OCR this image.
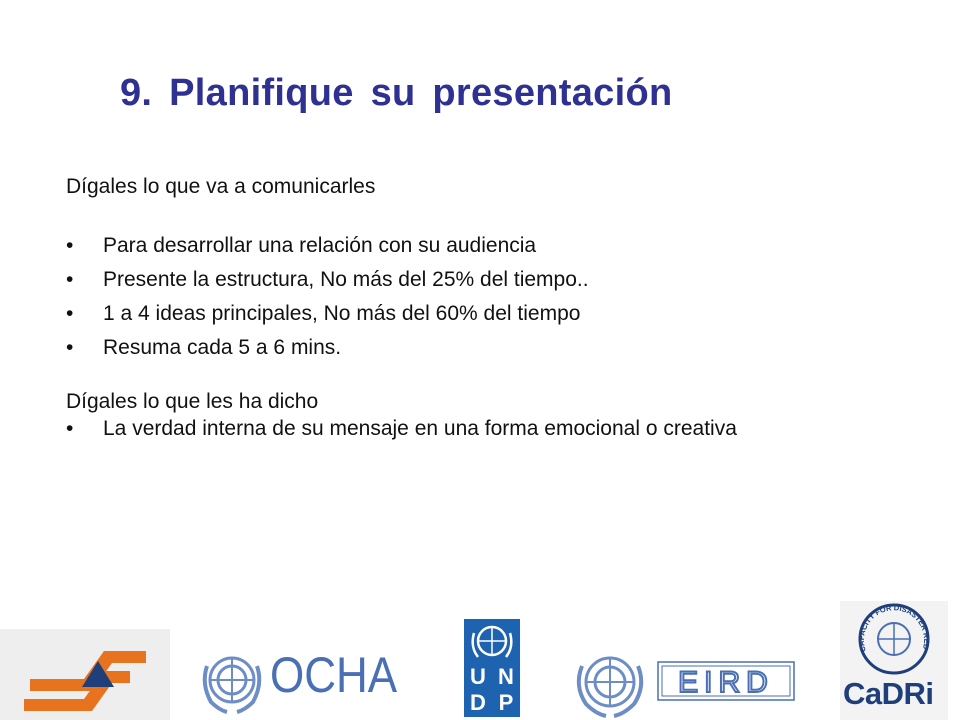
9. Planifique su presentación

Dígales lo que va a comunicarles

• Para desarrollar una relación con su audiencia
• Presente la estructura, No más del 25% del tiempo..
• 1 a 4 ideas principales, No más del 60% del tiempo
• Resuma cada 5 a 6 mins.

Dígales lo que les ha dicho

• La verdad interna de su mensaje en una forma emocional o creativa
OCHA	U N
D P
EIRD
CAPACITY FOR DISASTER RED
CaDRi
